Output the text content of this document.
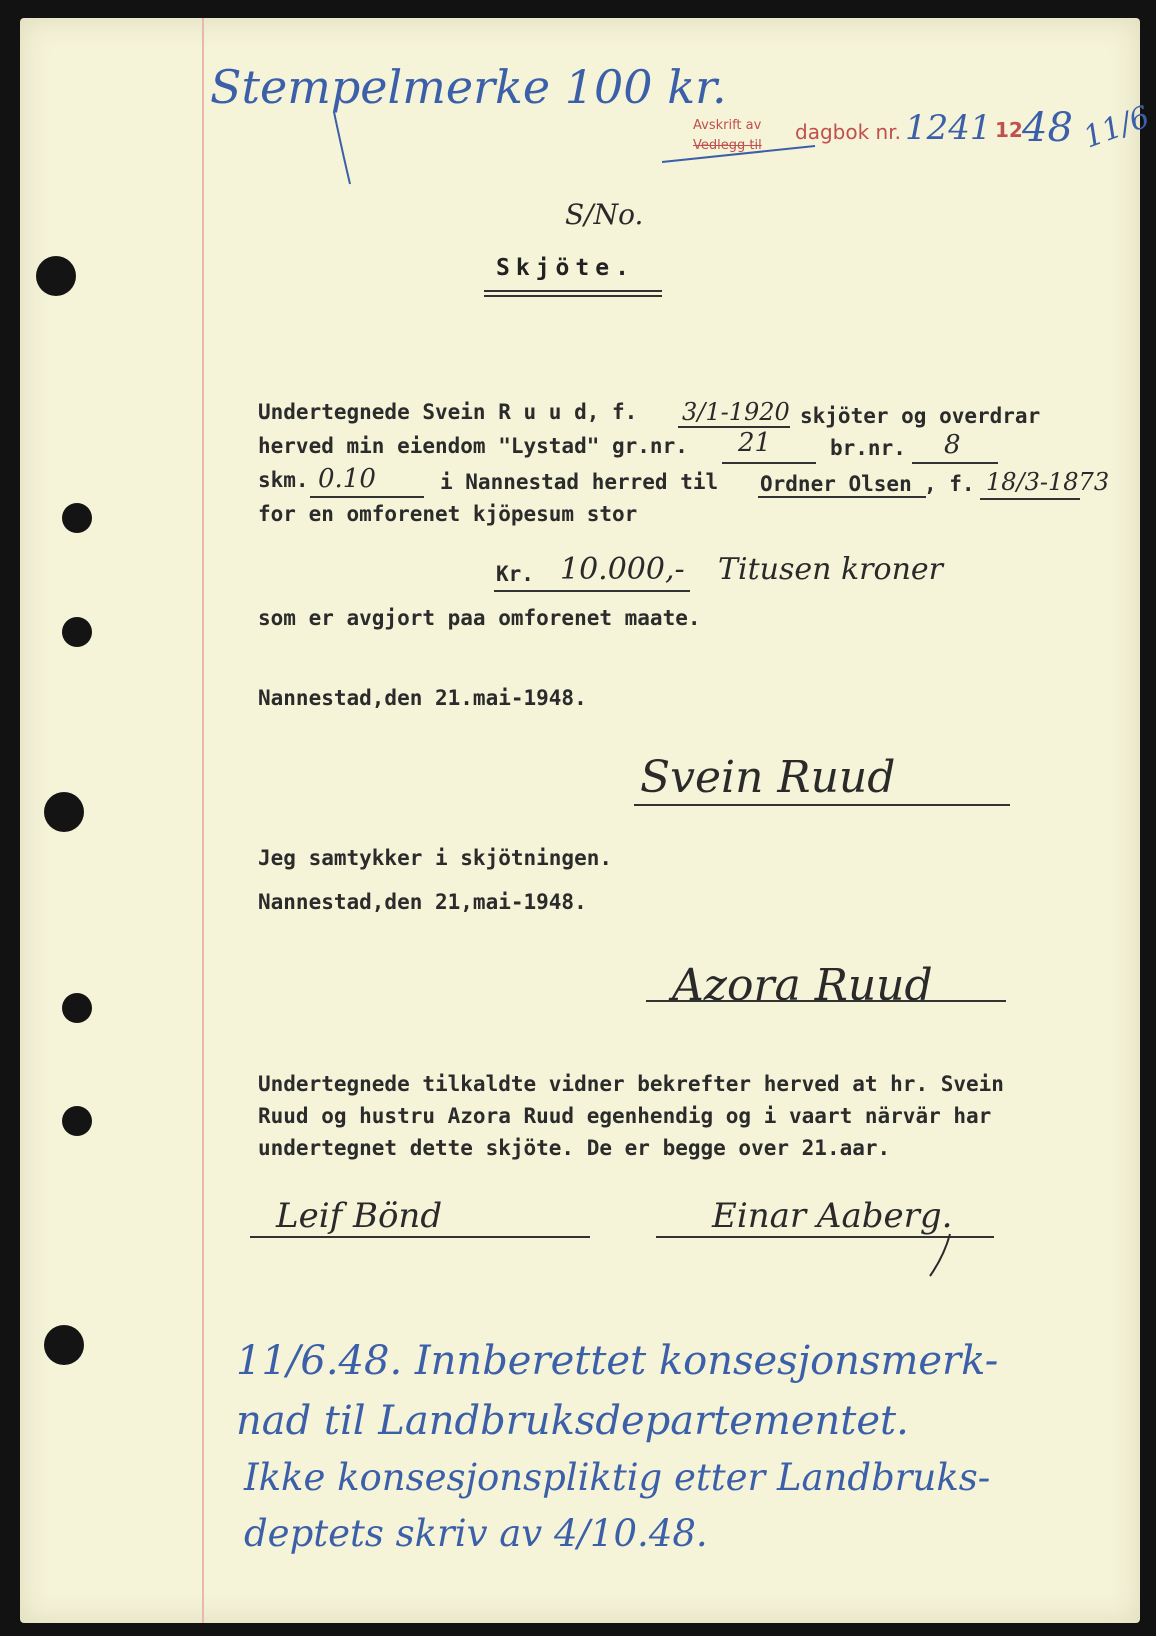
Stempelmerke 100 kr.
Avskrift av
Vedlegg til
dagbok nr. 1241 12 48 11/6
S/No.
Skjöte.
Undertegnede Svein R u u d, f. 3/1-1920 skjöter og overdrar
herved min eiendom "Lystad" gr.nr. 21	br.nr. 8
skm. 0.10	i Nannestad herred til Ordner Olsen , f. 18/3-1873
for en omforenet kjöpesum stor
Kr. 10.000,- Titusen kroner
som er avgjort paa omforenet maate.
Nannestad,den 21.mai-1948.
Svein Ruud
Jeg samtykker i skjötningen.
Nannestad,den 21,mai-1948.
Azora Ruud
Undertegnede tilkaldte vidner bekrefter herved at hr. Svein
Ruud og hustru Azora Ruud egenhendig og i vaart närvär har
undertegnet dette skjöte. De er begge over 21.aar.
Leif Bönd	Einar Aaberg.
11/6.48. Innberettet konsesjonsmerk-
nad til Landbruksdepartementet.
Ikke konsesjonspliktig etter Landbruks-
deptets skriv av 4/10.48.
